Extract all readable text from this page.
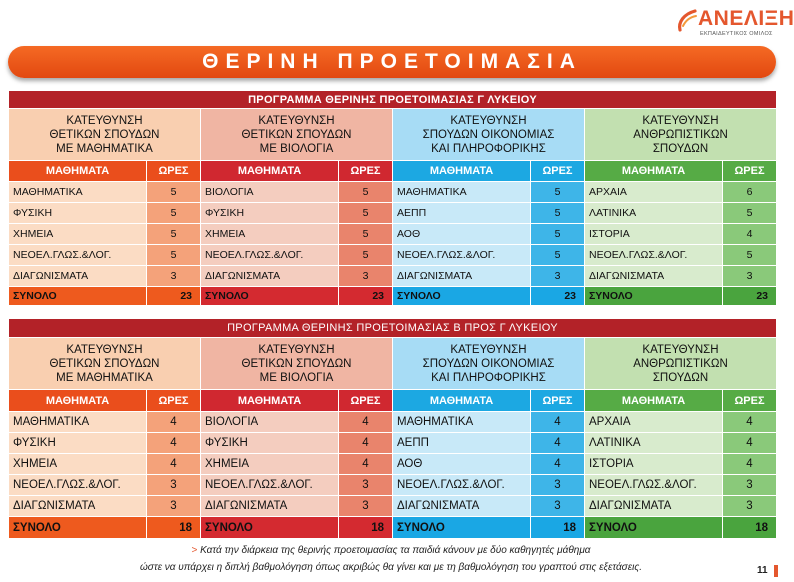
ΑΝΕΛΙΞΗ
ΕΚΠΑΙΔΕΥΤΙΚΟΣ ΟΜΙΛΟΣ
ΘΕΡΙΝΗ ΠΡΟΕΤΟΙΜΑΣΙΑ
ΠΡΟΓΡΑΜΜΑ ΘΕΡΙΝΗΣ ΠΡΟΕΤΟΙΜΑΣΙΑΣ Γ ΛΥΚΕΙΟΥ							
ΚΑΤΕΥΘΥΝΣΗ
ΘΕΤΙΚΩΝ ΣΠΟΥΔΩΝ
ΜΕ ΜΑΘΗΜΑΤΙΚΑ		ΚΑΤΕΥΘΥΝΣΗ
ΘΕΤΙΚΩΝ ΣΠΟΥΔΩΝ
ΜΕ ΒΙΟΛΟΓΙΑ		ΚΑΤΕΥΘΥΝΣΗ
ΣΠΟΥΔΩΝ ΟΙΚΟΝΟΜΙΑΣ
ΚΑΙ ΠΛΗΡΟΦΟΡΙΚΗΣ		ΚΑΤΕΥΘΥΝΣΗ
ΑΝΘΡΩΠΙΣΤΙΚΩΝ
ΣΠΟΥΔΩΝ	
ΜΑΘΗΜΑΤΑ	ΩΡΕΣ	ΜΑΘΗΜΑΤΑ	ΩΡΕΣ	ΜΑΘΗΜΑΤΑ	ΩΡΕΣ	ΜΑΘΗΜΑΤΑ	ΩΡΕΣ
ΜΑΘΗΜΑΤΙΚΑ	5	ΒΙΟΛΟΓΙΑ	5	ΜΑΘΗΜΑΤΙΚΑ	5	ΑΡΧΑΙΑ	6
ΦΥΣΙΚΗ	5	ΦΥΣΙΚΗ	5	ΑΕΠΠ	5	ΛΑΤΙΝΙΚΑ	5
ΧΗΜΕΙΑ	5	ΧΗΜΕΙΑ	5	ΑΟΘ	5	ΙΣΤΟΡΙΑ	4
ΝΕΟΕΛ.ΓΛΩΣ.&ΛΟΓ.	5	ΝΕΟΕΛ.ΓΛΩΣ.&ΛΟΓ.	5	ΝΕΟΕΛ.ΓΛΩΣ.&ΛΟΓ.	5	ΝΕΟΕΛ.ΓΛΩΣ.&ΛΟΓ.	5
ΔΙΑΓΩΝΙΣΜΑΤΑ	3	ΔΙΑΓΩΝΙΣΜΑΤΑ	3	ΔΙΑΓΩΝΙΣΜΑΤΑ	3	ΔΙΑΓΩΝΙΣΜΑΤΑ	3
ΣΥΝΟΛΟ	23	ΣΥΝΟΛΟ	23	ΣΥΝΟΛΟ	23	ΣΥΝΟΛΟ	23
ΠΡΟΓΡΑΜΜΑ ΘΕΡΙΝΗΣ ΠΡΟΕΤΟΙΜΑΣΙΑΣ Β ΠΡΟΣ Γ ΛΥΚΕΙΟΥ							
ΚΑΤΕΥΘΥΝΣΗ
ΘΕΤΙΚΩΝ ΣΠΟΥΔΩΝ
ΜΕ ΜΑΘΗΜΑΤΙΚΑ		ΚΑΤΕΥΘΥΝΣΗ
ΘΕΤΙΚΩΝ ΣΠΟΥΔΩΝ
ΜΕ ΒΙΟΛΟΓΙΑ		ΚΑΤΕΥΘΥΝΣΗ
ΣΠΟΥΔΩΝ ΟΙΚΟΝΟΜΙΑΣ
ΚΑΙ ΠΛΗΡΟΦΟΡΙΚΗΣ		ΚΑΤΕΥΘΥΝΣΗ
ΑΝΘΡΩΠΙΣΤΙΚΩΝ
ΣΠΟΥΔΩΝ	
ΜΑΘΗΜΑΤΑ	ΩΡΕΣ	ΜΑΘΗΜΑΤΑ	ΩΡΕΣ	ΜΑΘΗΜΑΤΑ	ΩΡΕΣ	ΜΑΘΗΜΑΤΑ	ΩΡΕΣ
ΜΑΘΗΜΑΤΙΚΑ	4	ΒΙΟΛΟΓΙΑ	4	ΜΑΘΗΜΑΤΙΚΑ	4	ΑΡΧΑΙΑ	4
ΦΥΣΙΚΗ	4	ΦΥΣΙΚΗ	4	ΑΕΠΠ	4	ΛΑΤΙΝΙΚΑ	4
ΧΗΜΕΙΑ	4	ΧΗΜΕΙΑ	4	ΑΟΘ	4	ΙΣΤΟΡΙΑ	4
ΝΕΟΕΛ.ΓΛΩΣ.&ΛΟΓ.	3	ΝΕΟΕΛ.ΓΛΩΣ.&ΛΟΓ.	3	ΝΕΟΕΛ.ΓΛΩΣ.&ΛΟΓ.	3	ΝΕΟΕΛ.ΓΛΩΣ.&ΛΟΓ.	3
ΔΙΑΓΩΝΙΣΜΑΤΑ	3	ΔΙΑΓΩΝΙΣΜΑΤΑ	3	ΔΙΑΓΩΝΙΣΜΑΤΑ	3	ΔΙΑΓΩΝΙΣΜΑΤΑ	3
ΣΥΝΟΛΟ	18	ΣΥΝΟΛΟ	18	ΣΥΝΟΛΟ	18	ΣΥΝΟΛΟ	18
> Κατά την διάρκεια της θερινής προετοιμασίας τα παιδιά κάνουν με δύο καθηγητές μάθημα
ώστε να υπάρχει η διπλή βαθμολόγηση όπως ακριβώς θα γίνει και με τη βαθμολόγηση του γραπτού στις εξετάσεις.	11
